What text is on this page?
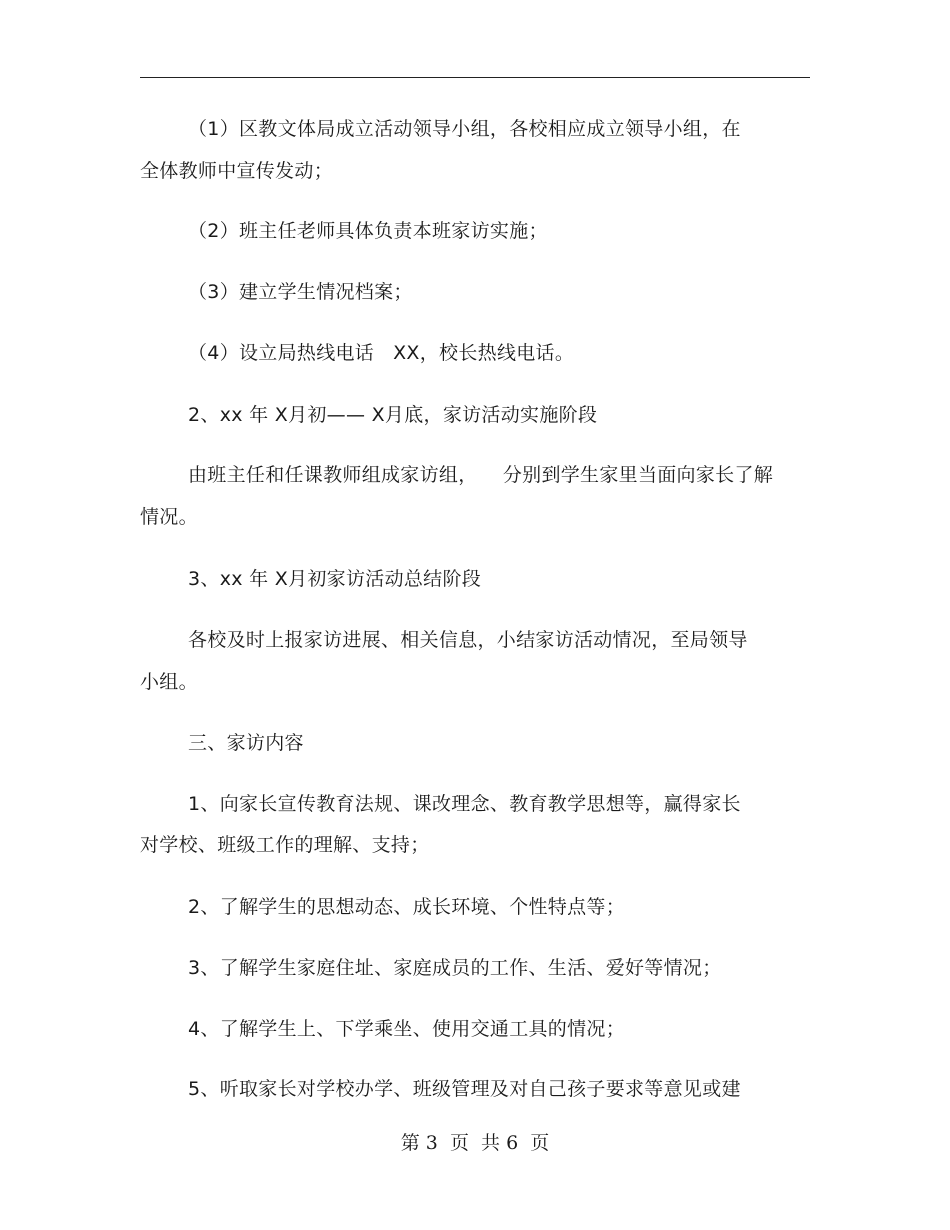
（1）区教文体局成立活动领导小组，各校相应成立领导小组，在
全体教师中宣传发动；
（2）班主任老师具体负责本班家访实施；
（3）建立学生情况档案；
（4）设立局热线电话   XX，校长热线电话。
2、xx 年 X月初—— X月底，家访活动实施阶段
由班主任和任课教师组成家访组，    分别到学生家里当面向家长了解
情况。
3、xx 年 X月初家访活动总结阶段
各校及时上报家访进展、相关信息，小结家访活动情况，至局领导
小组。
三、家访内容
1、向家长宣传教育法规、课改理念、教育教学思想等，赢得家长
对学校、班级工作的理解、支持；
2、了解学生的思想动态、成长环境、个性特点等；
3、了解学生家庭住址、家庭成员的工作、生活、爱好等情况；
4、了解学生上、下学乘坐、使用交通工具的情况；
5、听取家长对学校办学、班级管理及对自己孩子要求等意见或建
第 3  页  共 6  页
